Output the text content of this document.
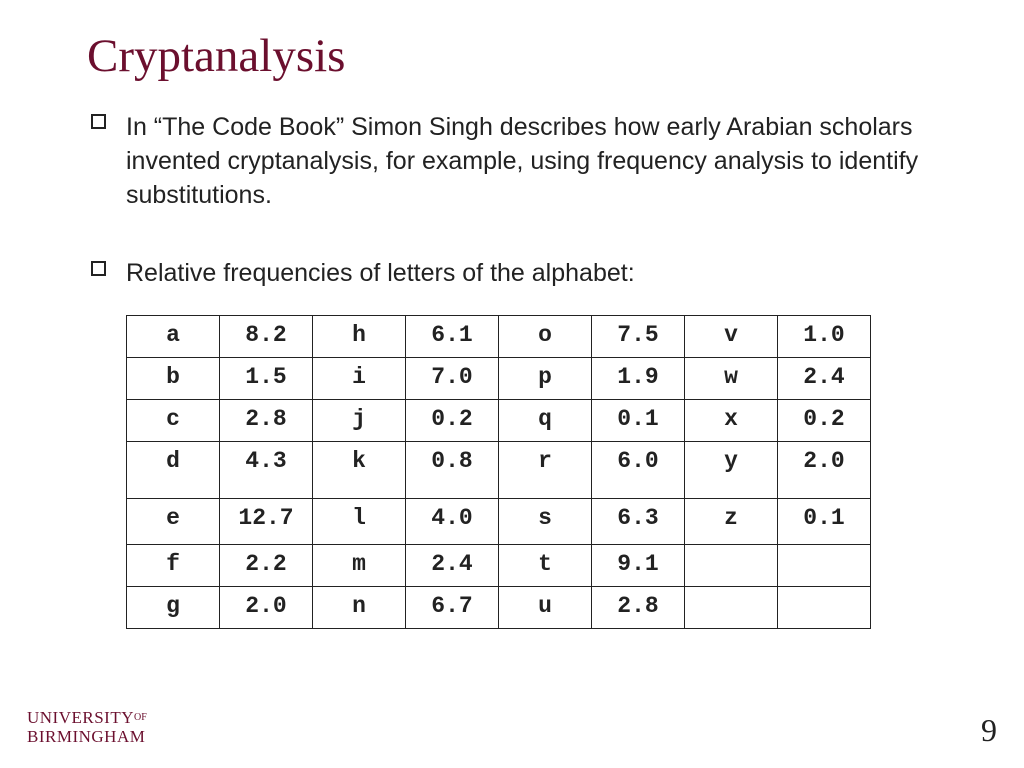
Cryptanalysis
In “The Code Book” Simon Singh describes how early Arabian scholars invented cryptanalysis, for example, using frequency analysis to identify substitutions.
Relative frequencies of letters of the alphabet:
a	8.2	h	6.1	o	7.5	v	1.0
b	1.5	i	7.0	p	1.9	w	2.4
c	2.8	j	0.2	q	0.1	x	0.2
d	4.3	k	0.8	r	6.0	y	2.0
e	12.7	l	4.0	s	6.3	z	0.1
f	2.2	m	2.4	t	9.1		
g	2.0	n	6.7	u	2.8		
$UNIVERSITY^{OF}$
BIRMINGHAM	9
